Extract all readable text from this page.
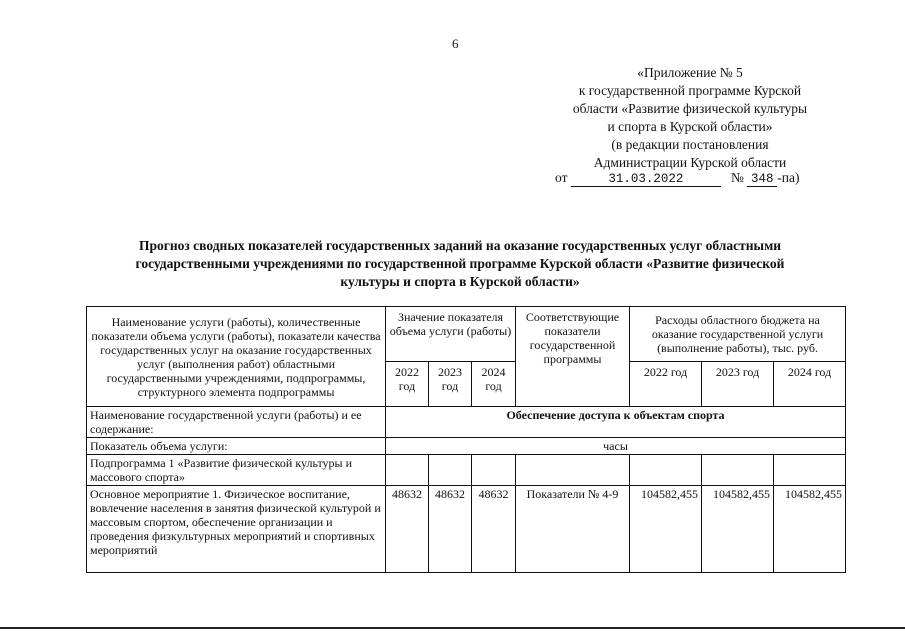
6
«Приложение № 5
к государственной программе Курской
области «Развитие физической культуры
и спорта в Курской области»
(в редакции постановления
Администрации Курской области
от	31.03.2022	№ 348 -па)
Прогноз сводных показателей государственных заданий на оказание государственных услуг областными
государственными учреждениями по государственной программе Курской области «Развитие физической
культуры и спорта в Курской области»
Наименование услуги (работы), количественные показатели объема услуги (работы), показатели качества государственных услуг на оказание государственных услуг (выполнения работ) областными государственными учреждениями, подпрограммы, структурного элемента подпрограммы	Значение показателя объема услуги (работы)			Соответствующие показатели государственной программы	Расходы областного бюджета на оказание государственной услуги (выполнение работы), тыс. руб.		
	2022 год	2023 год	2024 год		2022 год	2023 год	2024 год
Наименование государственной услуги (работы) и ее содержание:	Обеспечение доступа к объектам спорта						
Показатель объема услуги:	часы						
Подпрограмма 1 «Развитие физической культуры и массового спорта»							
Основное мероприятие 1. Физическое воспитание, вовлечение населения в занятия физической культурой и массовым спортом, обеспечение организации и проведения физкультурных мероприятий и спортивных мероприятий	48632	48632	48632	Показатели № 4-9	104582,455	104582,455	104582,455
